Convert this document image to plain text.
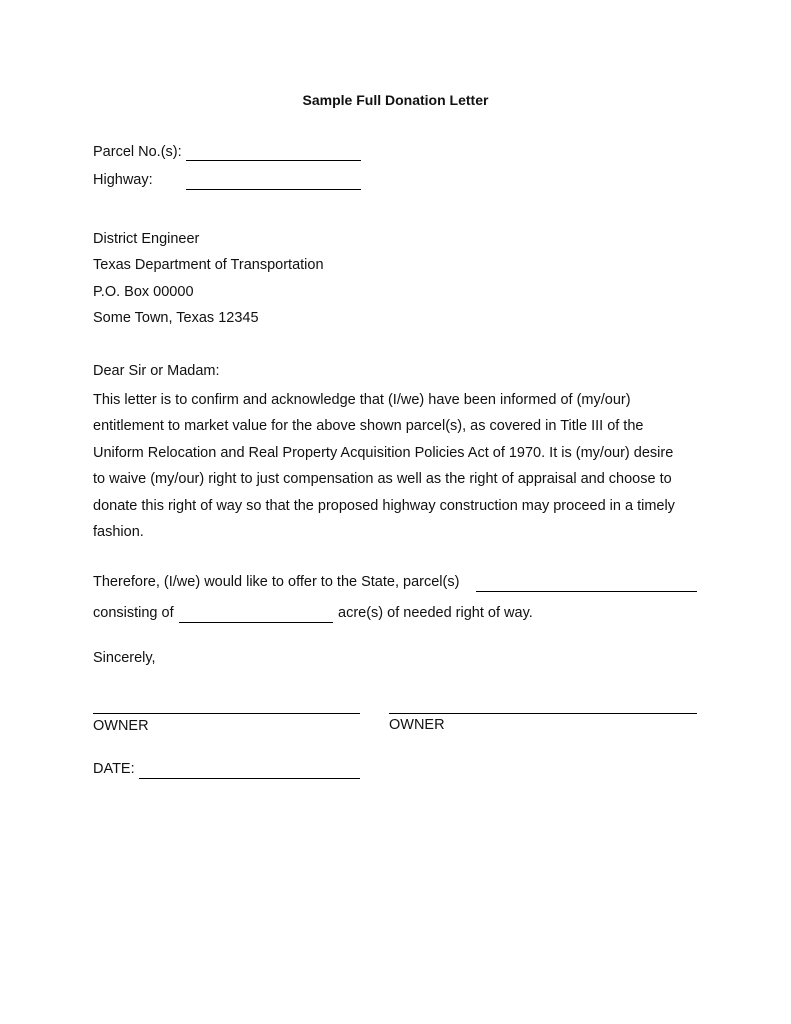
Sample Full Donation Letter
Parcel No.(s):
Highway:
District Engineer
Texas Department of Transportation
P.O. Box 00000
Some Town, Texas 12345
Dear Sir or Madam:
This letter is to confirm and acknowledge that (I/we) have been informed of (my/our)
entitlement to market value for the above shown parcel(s), as covered in Title III of the
Uniform Relocation and Real Property Acquisition Policies Act of 1970. It is (my/our) desire
to waive (my/our) right to just compensation as well as the right of appraisal and choose to
donate this right of way so that the proposed highway construction may proceed in a timely
fashion.
Therefore, (I/we) would like to offer to the State, parcel(s)
consisting of	acre(s) of needed right of way.
Sincerely,
OWNER	OWNER
DATE:
